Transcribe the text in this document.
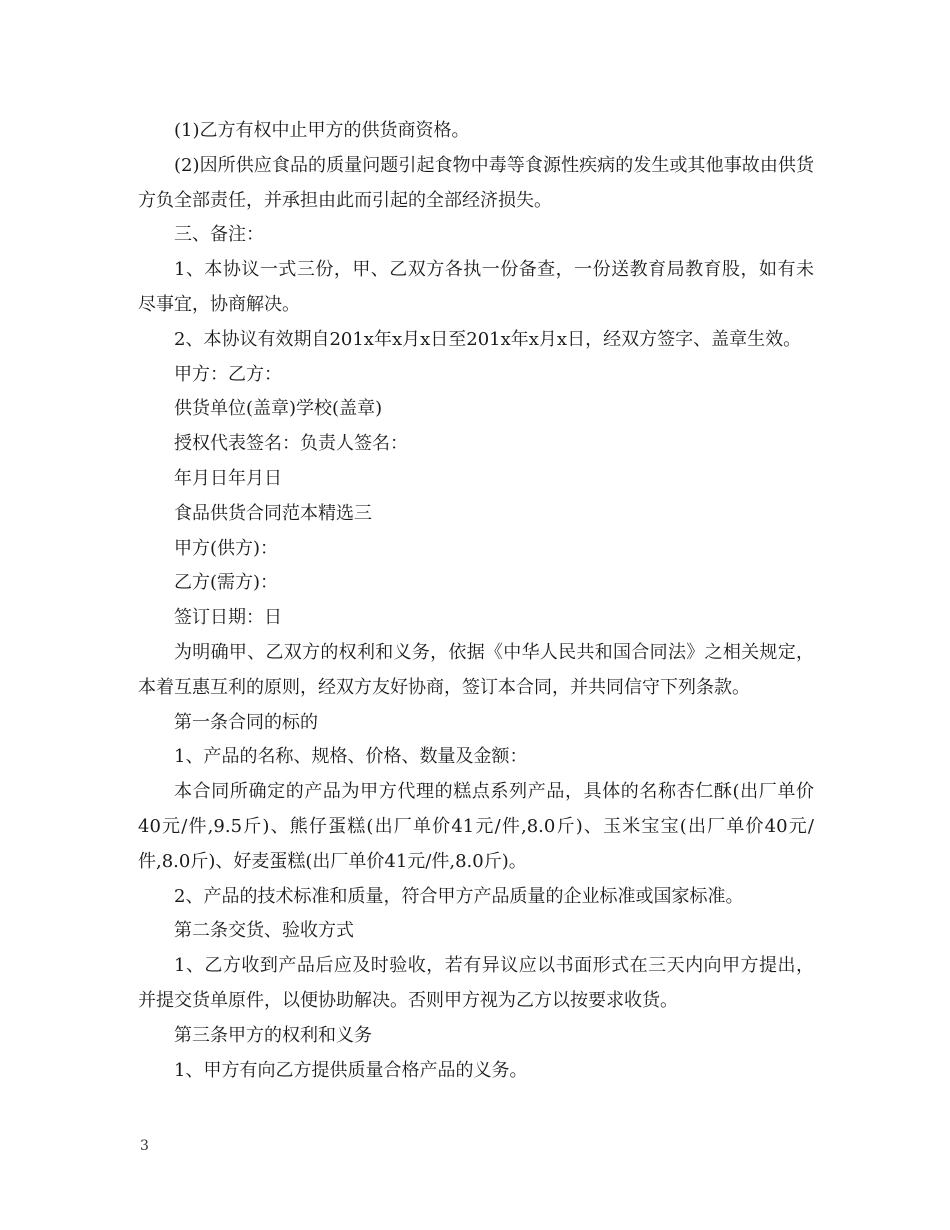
(1)乙方有权中止甲方的供货商资格。

(2)因所供应食品的质量问题引起食物中毒等食源性疾病的发生或其他事故由供货方负全部责任，并承担由此而引起的全部经济损失。

三、备注：

1、本协议一式三份，甲、乙双方各执一份备查，一份送教育局教育股，如有未尽事宜，协商解决。

2、本协议有效期自201x年x月x日至201x年x月x日，经双方签字、盖章生效。

甲方：乙方：

供货单位(盖章)学校(盖章)

授权代表签名：负责人签名：

年月日年月日

食品供货合同范本精选三

甲方(供方)：

乙方(需方)：

签订日期：日

为明确甲、乙双方的权利和义务，依据《中华人民共和国合同法》之相关规定，本着互惠互利的原则，经双方友好协商，签订本合同，并共同信守下列条款。

第一条合同的标的

1、产品的名称、规格、价格、数量及金额：

本合同所确定的产品为甲方代理的糕点系列产品，具体的名称杏仁酥(出厂单价40元/件,9.5斤)、熊仔蛋糕(出厂单价41元/件,8.0斤)、玉米宝宝(出厂单价40元/件,8.0斤)、好麦蛋糕(出厂单价41元/件,8.0斤)。

2、产品的技术标准和质量，符合甲方产品质量的企业标准或国家标准。

第二条交货、验收方式

1、乙方收到产品后应及时验收，若有异议应以书面形式在三天内向甲方提出，并提交货单原件，以便协助解决。否则甲方视为乙方以按要求收货。

第三条甲方的权利和义务

1、甲方有向乙方提供质量合格产品的义务。

3
